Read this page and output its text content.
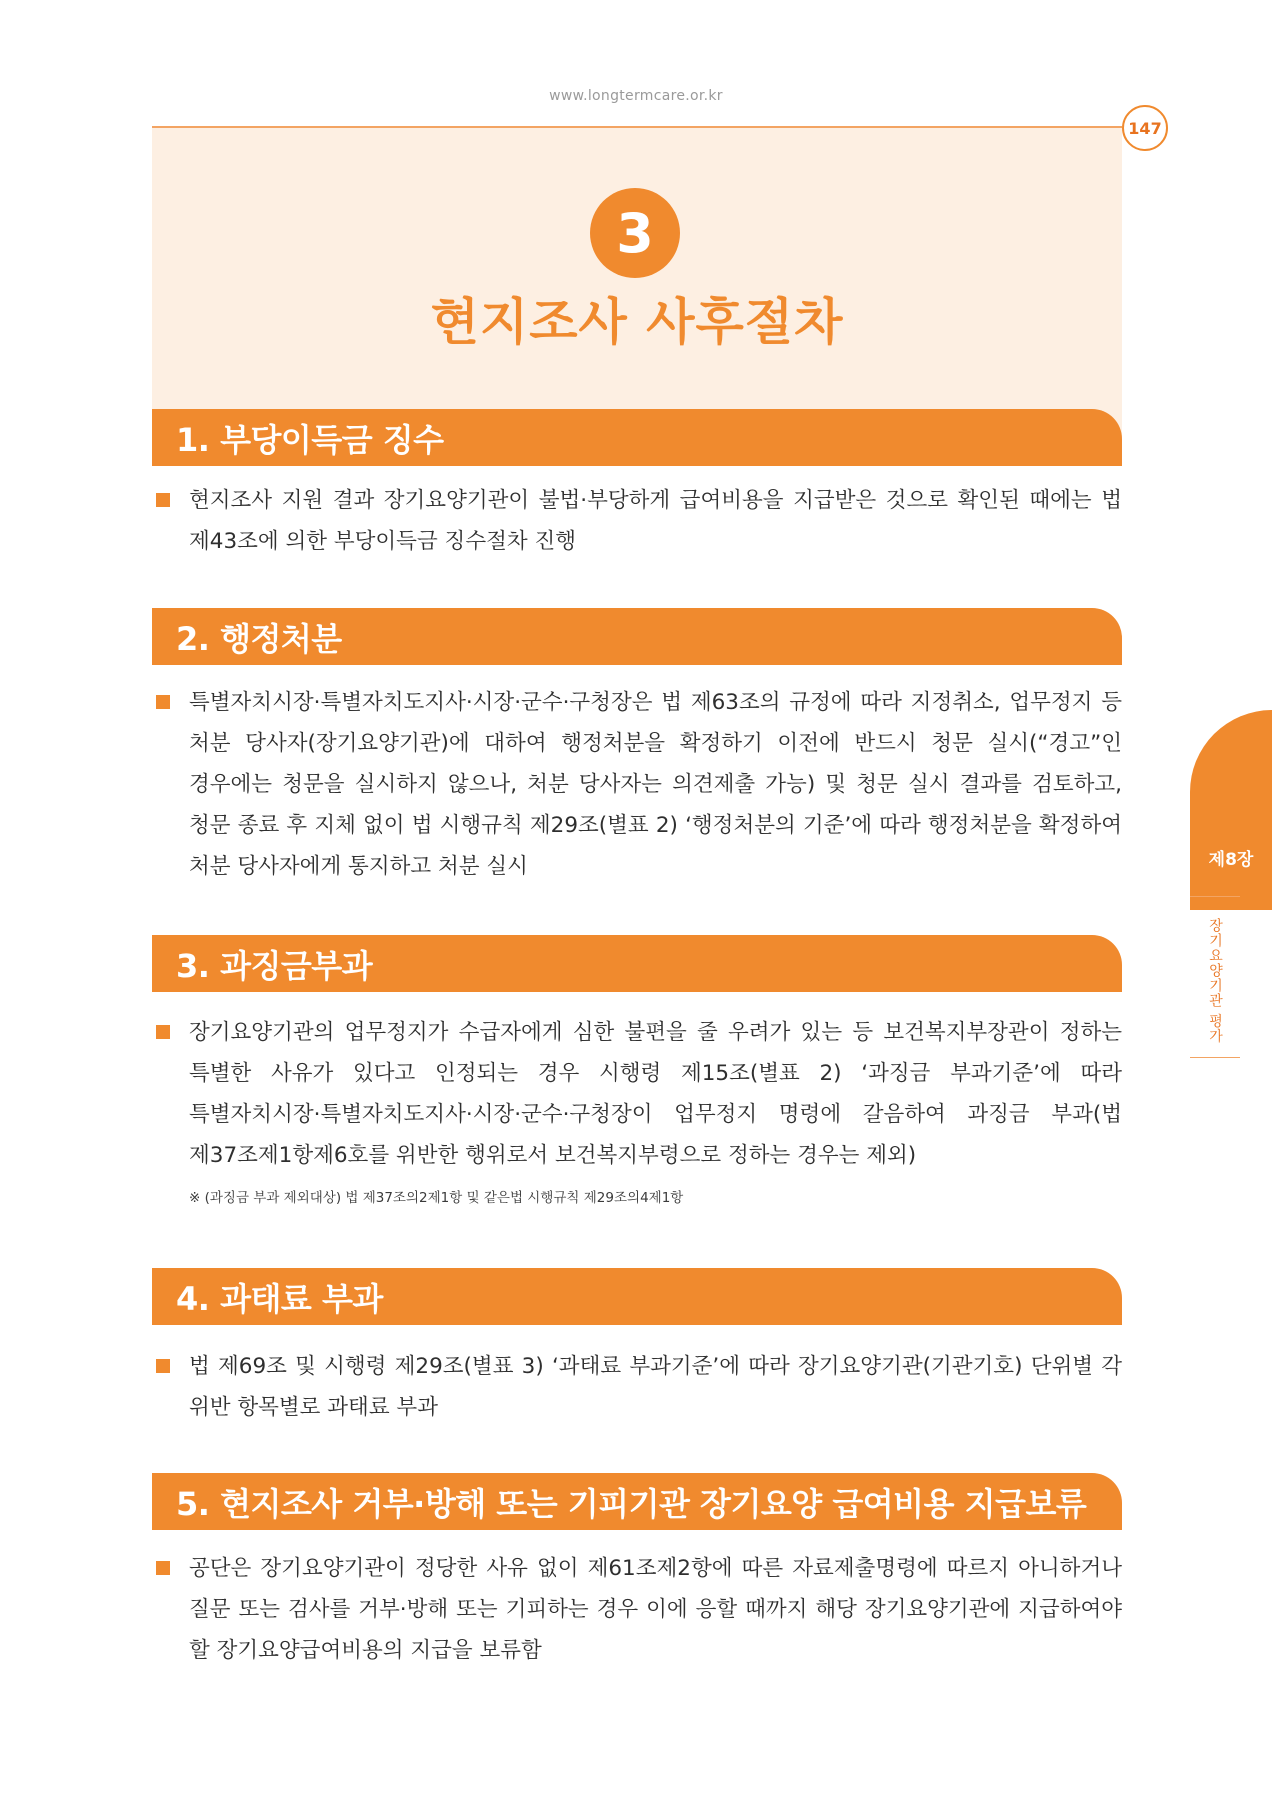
www.longtermcare.or.kr
147
3
현지조사 사후절차
1. 부당이득금 징수
현지조사 지원 결과 장기요양기관이 불법·부당하게 급여비용을 지급받은 것으로 확인된 때에는 법 제43조에 의한 부당이득금 징수절차 진행
2. 행정처분
특별자치시장·특별자치도지사·시장·군수·구청장은 법 제63조의 규정에 따라 지정취소, 업무정지 등 처분 당사자(장기요양기관)에 대하여 행정처분을 확정하기 이전에 반드시 청문 실시(“경고”인 경우에는 청문을 실시하지 않으나, 처분 당사자는 의견제출 가능) 및 청문 실시 결과를 검토하고, 청문 종료 후 지체 없이 법 시행규칙 제29조(별표 2) ‘행정처분의 기준’에 따라 행정처분을 확정하여 처분 당사자에게 통지하고 처분 실시
3. 과징금부과
장기요양기관의 업무정지가 수급자에게 심한 불편을 줄 우려가 있는 등 보건복지부장관이 정하는 특별한 사유가 있다고 인정되는 경우 시행령 제15조(별표 2) ‘과징금 부과기준’에 따라 특별자치시장·특별자치도지사·시장·군수·구청장이 업무정지 명령에 갈음하여 과징금 부과(법 제37조제1항제6호를 위반한 행위로서 보건복지부령으로 정하는 경우는 제외)
※ (과징금 부과 제외대상) 법 제37조의2제1항 및 같은법 시행규칙 제29조의4제1항
4. 과태료 부과
법 제69조 및 시행령 제29조(별표 3) ‘과태료 부과기준’에 따라 장기요양기관(기관기호) 단위별 각 위반 항목별로 과태료 부과
5. 현지조사 거부·방해 또는 기피기관 장기요양 급여비용 지급보류
공단은 장기요양기관이 정당한 사유 없이 제61조제2항에 따른 자료제출명령에 따르지 아니하거나 질문 또는 검사를 거부·방해 또는 기피하는 경우 이에 응할 때까지 해당 장기요양기관에 지급하여야 할 장기요양급여비용의 지급을 보류함
제8장
장기요양기관 평가
